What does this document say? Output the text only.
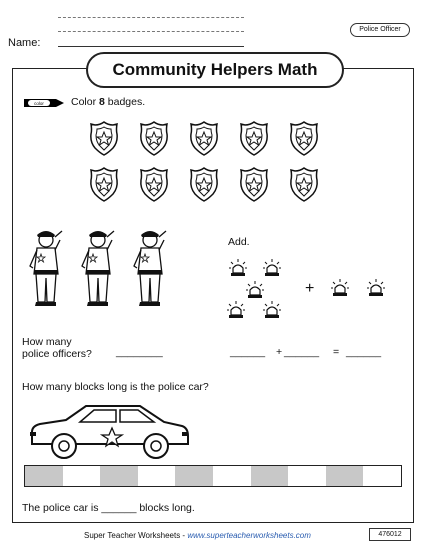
Name:
Police Officer
Community Helpers Math
color	Color 8 badges.
How many
police officers? ________
Add.
+
______ + ______ = ______
How many blocks long is the police car?
The police car is ______ blocks long.
Super Teacher Worksheets - www.superteacherworksheets.com	476012
